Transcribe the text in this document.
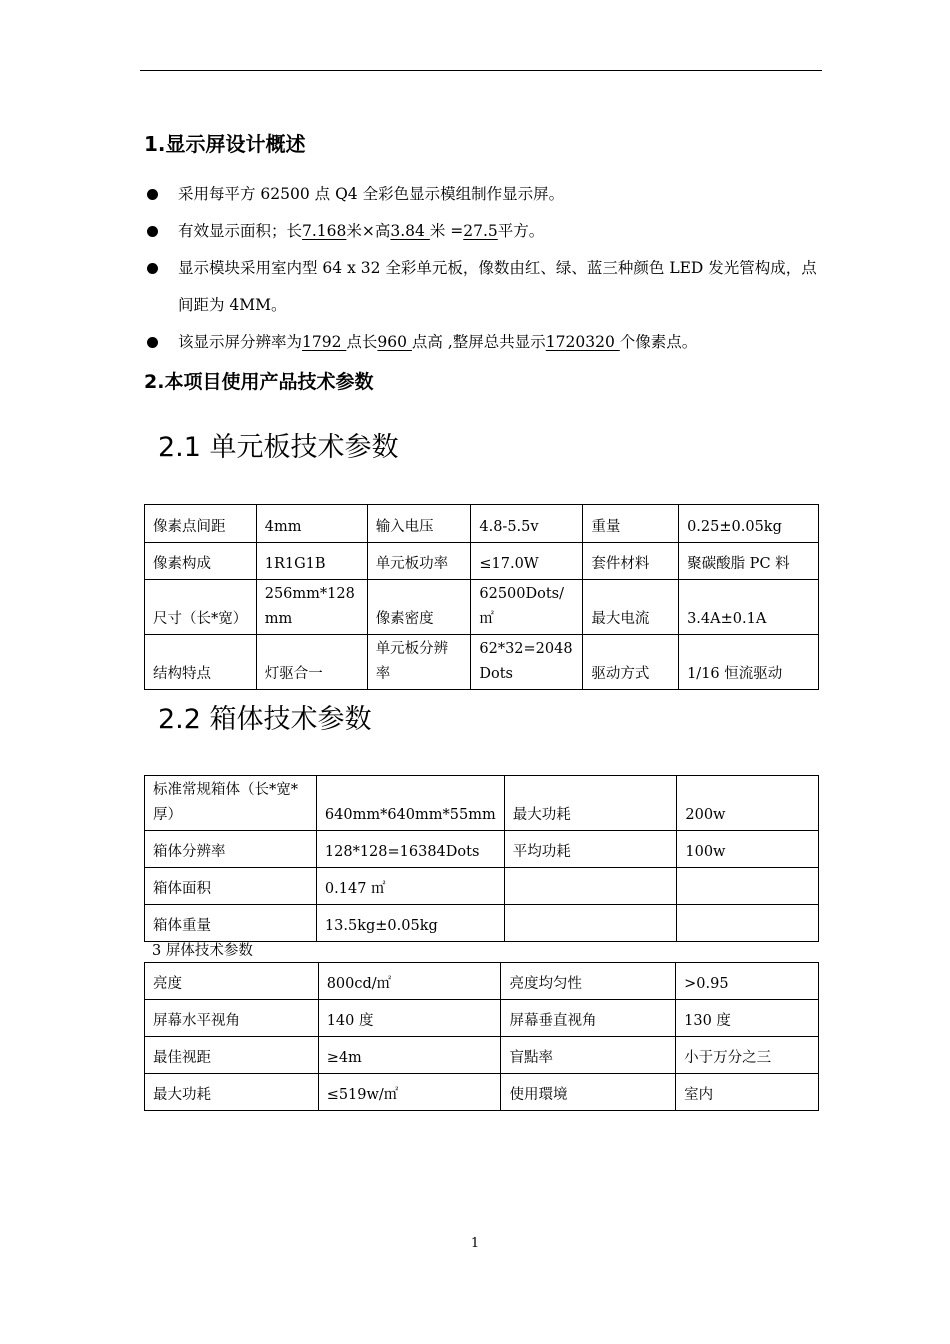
1.显示屏设计概述
采用每平方 62500 点 Q4 全彩色显示模组制作显示屏。
有效显示面积；长7.168米×高3.84 米 =27.5平方。
显示模块采用室内型 64 x 32 全彩单元板，像数由红、绿、蓝三种颜色 LED 发光管构成，点间距为 4MM。
该显示屏分辨率为1792 点长960 点高 ,整屏总共显示1720320 个像素点。
2.本项目使用产品技术参数
2.1 单元板技术参数
像素点间距	4mm	输入电压	4.8-5.5v	重量	0.25±0.05kg
像素构成	1R1G1B	单元板功率	≤17.0W	套件材料	聚碳酸脂 PC 料
尺寸（长*宽）	256mm*128 mm	像素密度	62500Dots/㎡	最大电流	3.4A±0.1A
结构特点	灯驱合一	单元板分辨率	62*32=2048 Dots	驱动方式	1/16 恒流驱动
2.2 箱体技术参数
标准常规箱体（长*宽*厚）	640mm*640mm*55mm	最大功耗	200w
箱体分辨率	128*128=16384Dots	平均功耗	100w
箱体面积	0.147 ㎡		
箱体重量	13.5kg±0.05kg		
3 屏体技术参数
亮度	800cd/㎡	亮度均匀性	>0.95
屏幕水平视角	140 度	屏幕垂直视角	130 度
最佳视距	≥4m	盲點率	小于万分之三
最大功耗	≤519w/㎡	使用環境	室内
1
